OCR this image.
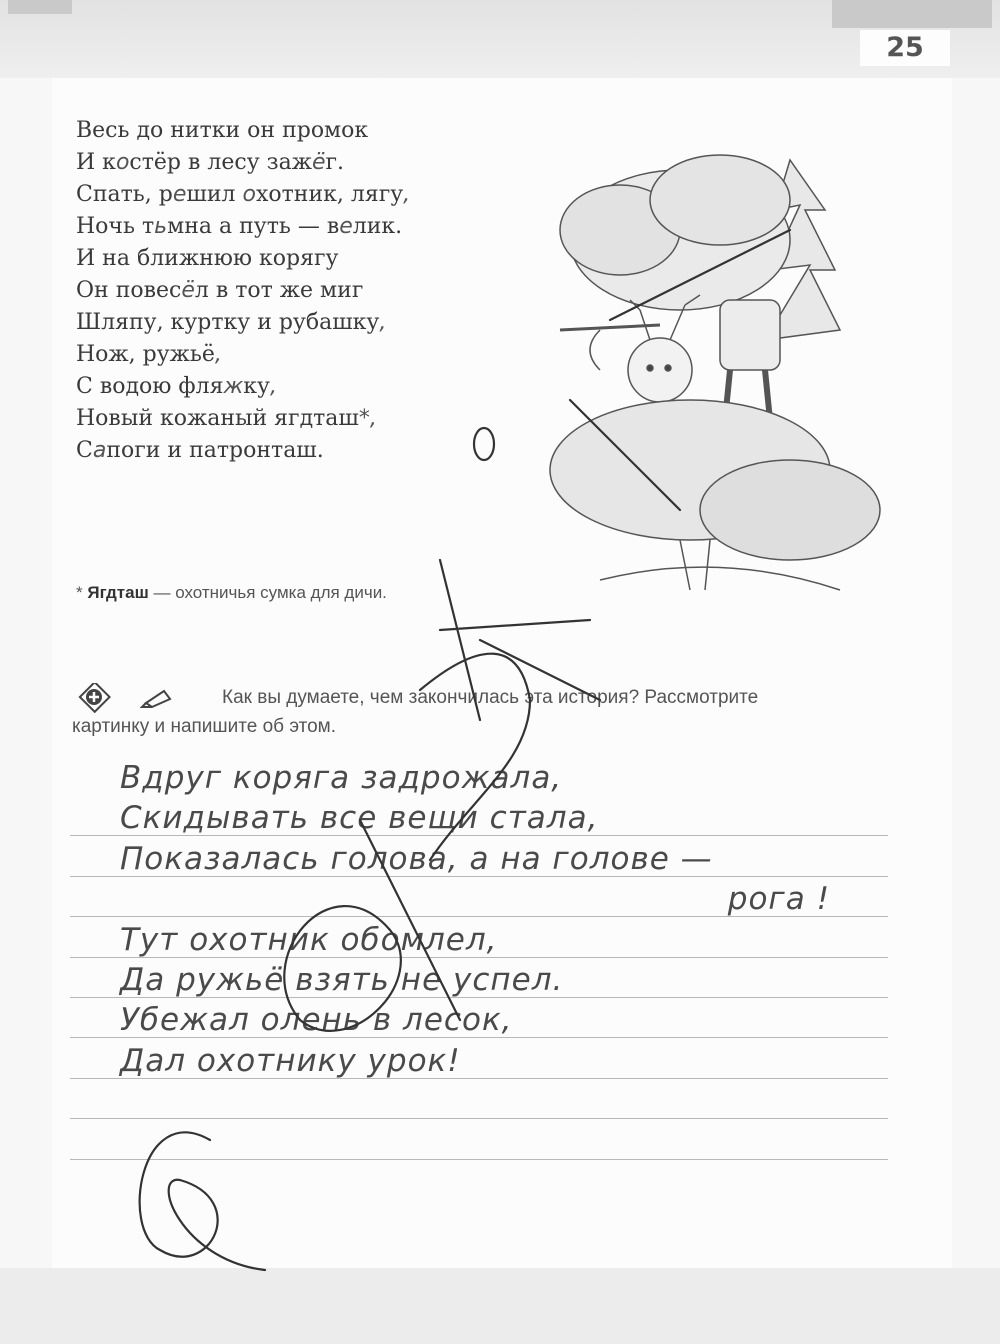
25
Весь до нитки он промок
И костёр в лесу зажёг.
Спать, решил охотник, лягу,
Ночь тьмна а путь — велик.
И на ближнюю корягу
Он повесёл в тот же миг
Шляпу, куртку и рубашку,
Нож, ружьё,
С водою фляжку,
Новый кожаный ягдташ*,
Сапоги и патронташ.
* Ягдташ — охотничья сумка для дичи.
Как вы думаете, чем закончилась эта история? Рассмотрите
картинку и напишите об этом.
Вдруг коряга задрожала,
Скидывать все вещи стала,
Показалась голова, а на голове —
рога !
Тут охотник обомлел,
Да ружьё взять не успел.
Убежал олень в лесок,
Дал охотнику урок!
